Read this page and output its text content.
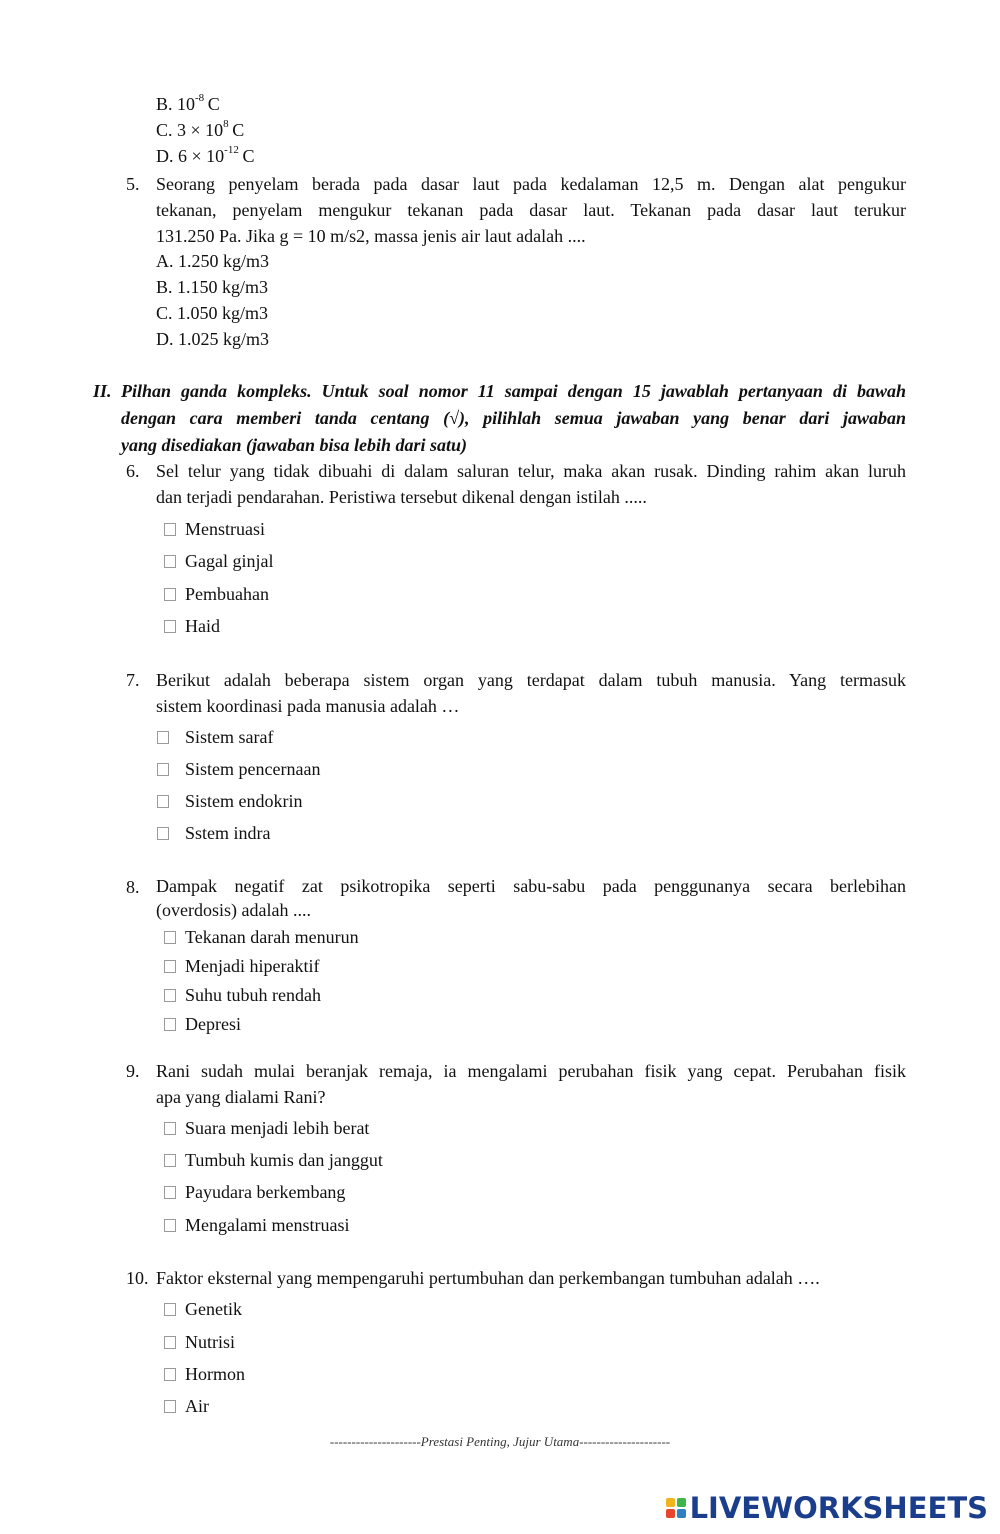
B. $10^{-8}$  C
C. $3 \times 10^8$  C
D. $6 \times 10^{-12}$  C
5. Seorang penyelam berada pada dasar laut pada kedalaman 12,5 m. Dengan alat pengukur
tekanan, penyelam mengukur tekanan pada dasar laut. Tekanan pada dasar laut terukur
131.250 Pa. Jika g = 10 m/s2, massa jenis air laut adalah ....
A. 1.250 kg/m3
B. 1.150 kg/m3
C. 1.050 kg/m3
D. 1.025 kg/m3
II. Pilhan ganda kompleks. Untuk soal nomor 11 sampai dengan 15 jawablah pertanyaan di bawah
dengan cara memberi tanda centang (√), pilihlah semua jawaban yang benar dari jawaban
yang disediakan (jawaban bisa lebih dari satu)
6. Sel telur yang tidak dibuahi di dalam saluran telur, maka akan rusak. Dinding rahim akan luruh
dan terjadi pendarahan. Peristiwa tersebut dikenal dengan istilah .....
Menstruasi
Gagal ginjal
Pembuahan
Haid
7. Berikut adalah beberapa sistem organ yang terdapat dalam tubuh manusia. Yang termasuk
sistem koordinasi pada manusia adalah …
Sistem saraf
Sistem pencernaan
Sistem endokrin
Sstem indra
8. Dampak negatif zat psikotropika seperti sabu-sabu pada penggunanya secara berlebihan
(overdosis) adalah ....
Tekanan darah menurun
Menjadi hiperaktif
Suhu tubuh rendah
Depresi
9. Rani sudah mulai beranjak remaja, ia mengalami perubahan fisik yang cepat. Perubahan fisik
apa yang dialami Rani?
Suara menjadi lebih berat
Tumbuh kumis dan janggut
Payudara berkembang
Mengalami menstruasi
10. Faktor eksternal yang mempengaruhi pertumbuhan dan perkembangan tumbuhan adalah ….
Genetik
Nutrisi
Hormon
Air
---------------------Prestasi Penting, Jujur Utama---------------------
LIVEWORKSHEETS
